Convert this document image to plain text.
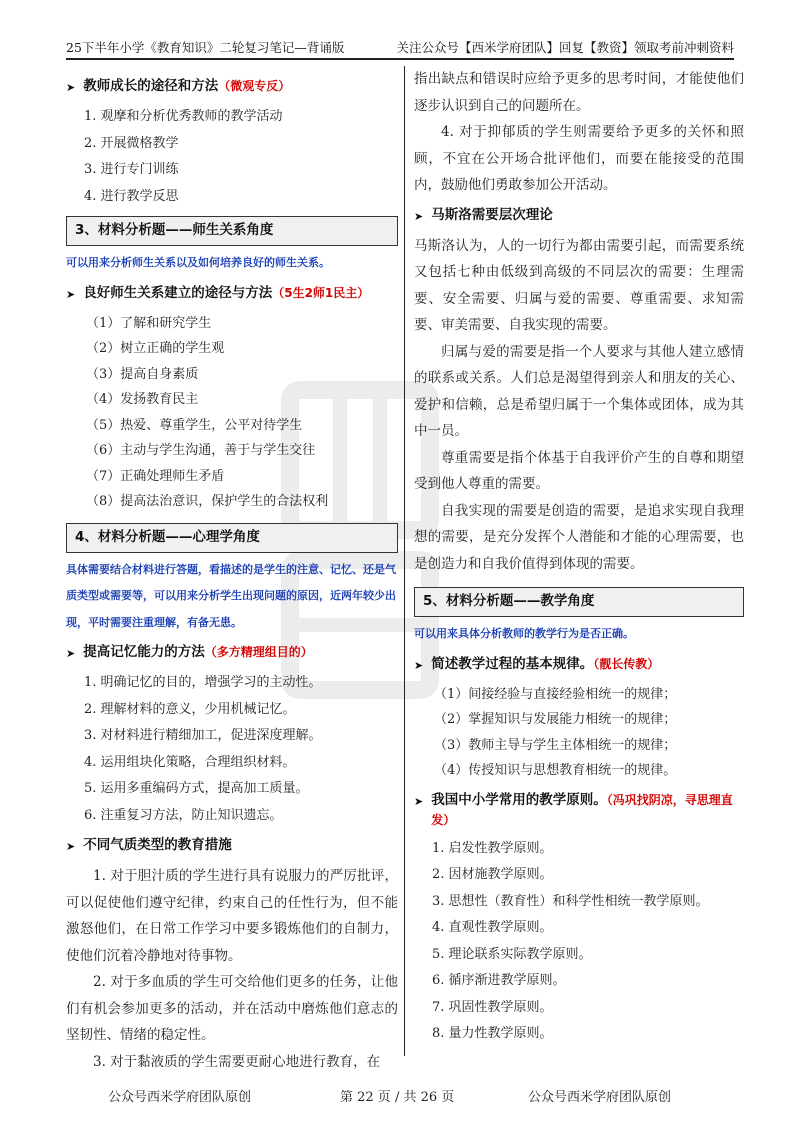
25下半年小学《教育知识》二轮复习笔记—背诵版	关注公众号【西米学府团队】回复【教资】领取考前冲刺资料
➤ 教师成长的途径和方法（微观专反）
1. 观摩和分析优秀教师的教学活动
2. 开展微格教学
3. 进行专门训练
4. 进行教学反思
3、材料分析题——师生关系角度
可以用来分析师生关系以及如何培养良好的师生关系。
➤ 良好师生关系建立的途径与方法（5生2师1民主）
（1）了解和研究学生
（2）树立正确的学生观
（3）提高自身素质
（4）发扬教育民主
（5）热爱、尊重学生，公平对待学生
（6）主动与学生沟通，善于与学生交往
（7）正确处理师生矛盾
（8）提高法治意识，保护学生的合法权利
4、材料分析题——心理学角度
具体需要结合材料进行答题，看描述的是学生的注意、记忆、还是气质类型或需要等，可以用来分析学生出现问题的原因，近两年较少出现，平时需要注重理解，有备无患。
➤ 提高记忆能力的方法（多方精理组目的）
1. 明确记忆的目的，增强学习的主动性。
2. 理解材料的意义，少用机械记忆。
3. 对材料进行精细加工，促进深度理解。
4. 运用组块化策略，合理组织材料。
5. 运用多重编码方式，提高加工质量。
6. 注重复习方法，防止知识遗忘。
➤ 不同气质类型的教育措施

1. 对于胆汁质的学生进行具有说服力的严厉批评，可以促使他们遵守纪律，约束自己的任性行为，但不能激怒他们，在日常工作学习中要多锻炼他们的自制力，使他们沉着冷静地对待事物。

2. 对于多血质的学生可交给他们更多的任务，让他们有机会参加更多的活动，并在活动中磨炼他们意志的坚韧性、情绪的稳定性。

3. 对于黏液质的学生需要更耐心地进行教育，在

指出缺点和错误时应给予更多的思考时间，才能使他们逐步认识到自己的问题所在。

4. 对于抑郁质的学生则需要给予更多的关怀和照顾，不宜在公开场合批评他们，而要在能接受的范围内，鼓励他们勇敢参加公开活动。

➤ 马斯洛需要层次理论

马斯洛认为，人的一切行为都由需要引起，而需要系统又包括七种由低级到高级的不同层次的需要：生理需要、安全需要、归属与爱的需要、尊重需要、求知需要、审美需要、自我实现的需要。

归属与爱的需要是指一个人要求与其他人建立感情的联系或关系。人们总是渴望得到亲人和朋友的关心、爱护和信赖，总是希望归属于一个集体或团体，成为其中一员。

尊重需要是指个体基于自我评价产生的自尊和期望受到他人尊重的需要。

自我实现的需要是创造的需要，是追求实现自我理想的需要，是充分发挥个人潜能和才能的心理需要，也是创造力和自我价值得到体现的需要。

5、材料分析题——教学角度
可以用来具体分析教师的教学行为是否正确。
➤ 简述教学过程的基本规律。（靓长传教）
（1）间接经验与直接经验相统一的规律；
（2）掌握知识与发展能力相统一的规律；
（3）教师主导与学生主体相统一的规律；
（4）传授知识与思想教育相统一的规律。
➤ 我国中小学常用的教学原则。（冯巩找阴凉，寻思理直发）
1. 启发性教学原则。
2. 因材施教学原则。
3. 思想性（教育性）和科学性相统一教学原则。
4. 直观性教学原则。
5. 理论联系实际教学原则。
6. 循序渐进教学原则。
7. 巩固性教学原则。
8. 量力性教学原则。
公众号西米学府团队原创	第 22 页 / 共 26 页	公众号西米学府团队原创
